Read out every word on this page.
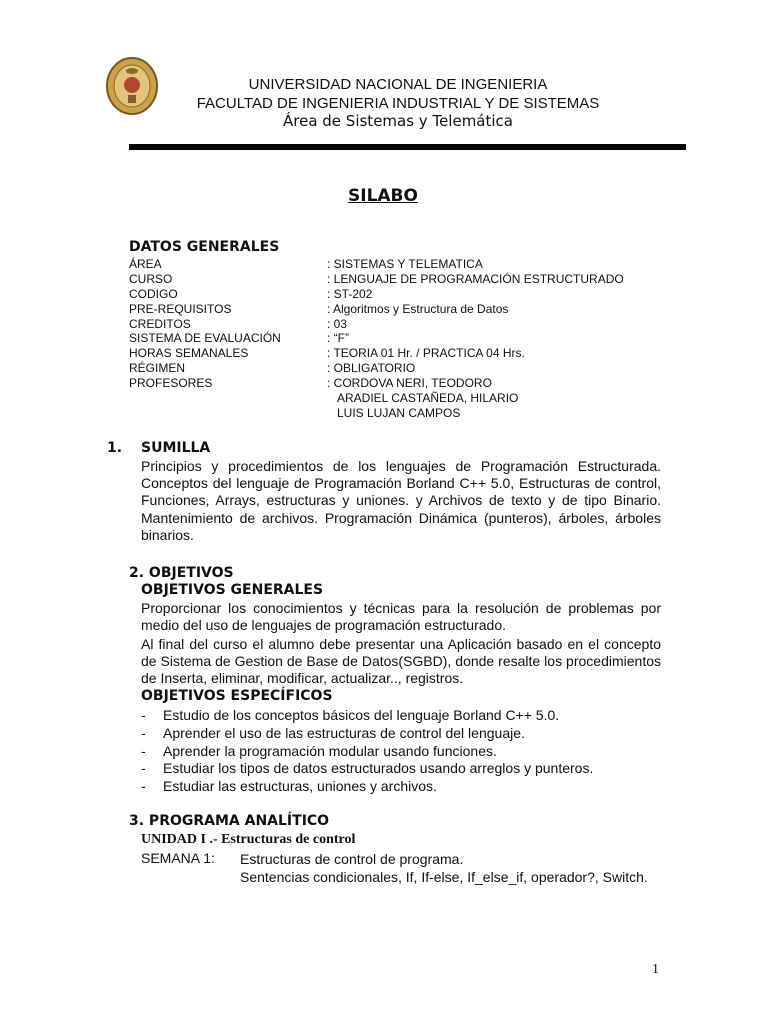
UNIVERSIDAD NACIONAL DE INGENIERIA
FACULTAD DE INGENIERIA INDUSTRIAL Y DE SISTEMAS
Área de Sistemas y Telemática
SILABO
DATOS GENERALES
ÁREA	: SISTEMAS Y TELEMATICA
CURSO	: LENGUAJE DE PROGRAMACIÓN ESTRUCTURADO
CODIGO	: ST-202
PRE-REQUISITOS	: Algoritmos y Estructura de Datos
CREDITOS	: 03
SISTEMA DE EVALUACIÓN	: “F”
HORAS SEMANALES	: TEORIA 01 Hr. / PRACTICA 04 Hrs.
RÉGIMEN	: OBLIGATORIO
PROFESORES	: CORDOVA NERI, TEODORO
ARADIEL CASTAÑEDA, HILARIO
LUIS LUJAN CAMPOS
1. SUMILLA
Principios y procedimientos de los lenguajes de Programación Estructurada. Conceptos del lenguaje de Programación Borland C++ 5.0, Estructuras de control, Funciones, Arrays, estructuras y uniones. y Archivos de texto y de tipo Binario. Mantenimiento de archivos. Programación Dinámica (punteros), árboles, árboles binarios.
2. OBJETIVOS
OBJETIVOS GENERALES
Proporcionar los conocimientos y técnicas para la resolución de problemas por medio del uso de lenguajes de programación estructurado.
Al final del curso el alumno debe presentar una Aplicación basado en el concepto de Sistema de Gestion de Base de Datos(SGBD), donde resalte los procedimientos de Inserta, eliminar, modificar, actualizar.., registros.
OBJETIVOS ESPECÍFICOS
-	Estudio de los conceptos básicos del lenguaje Borland C++ 5.0.
-	Aprender el uso de las estructuras de control del lenguaje.
-	Aprender la programación modular usando funciones.
-	Estudiar los tipos de datos estructurados usando arreglos y punteros.
-	Estudiar las estructuras, uniones y archivos.
3. PROGRAMA ANALÍTICO
UNIDAD I .- Estructuras de control
SEMANA 1: Estructuras de control de programa.
Sentencias condicionales, If, If-else, If_else_if, operador?, Switch.
1
